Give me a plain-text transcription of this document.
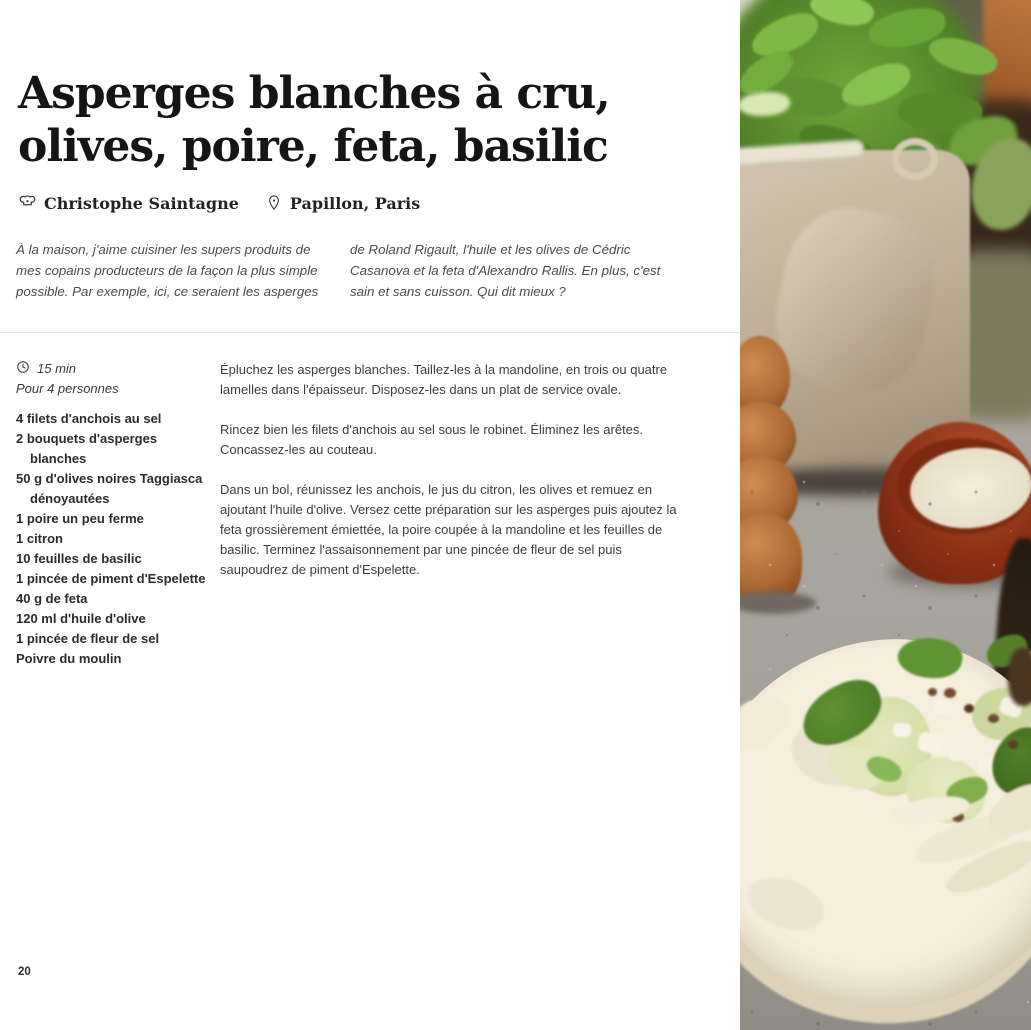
Asperges blanches à cru,
olives, poire, feta, basilic
Christophe Saintagne	Papillon, Paris
À la maison, j'aime cuisiner les supers produits de mes copains producteurs de la façon la plus simple possible. Par exemple, ici, ce seraient les asperges
de Roland Rigault, l'huile et les olives de Cédric Casanova et la feta d'Alexandro Rallis. En plus, c'est sain et sans cuisson. Qui dit mieux ?
15 min
Pour 4 personnes
4 filets d'anchois au sel
2 bouquets d'asperges blanches
50 g d'olives noires Taggiasca dénoyautées
1 poire un peu ferme
1 citron
10 feuilles de basilic
1 pincée de piment d'Espelette
40 g de feta
120 ml d'huile d'olive
1 pincée de fleur de sel
Poivre du moulin

Épluchez les asperges blanches. Taillez-les à la mandoline, en trois ou quatre lamelles dans l'épaisseur. Disposez-les dans un plat de service ovale.

Rincez bien les filets d'anchois au sel sous le robinet. Éliminez les arêtes. Concassez-les au couteau.

Dans un bol, réunissez les anchois, le jus du citron, les olives et remuez en ajoutant l'huile d'olive. Versez cette préparation sur les asperges puis ajoutez la feta grossièrement émiettée, la poire coupée à la mandoline et les feuilles de basilic. Terminez l'assaisonnement par une pincée de fleur de sel puis saupoudrez de piment d'Espelette.

20
